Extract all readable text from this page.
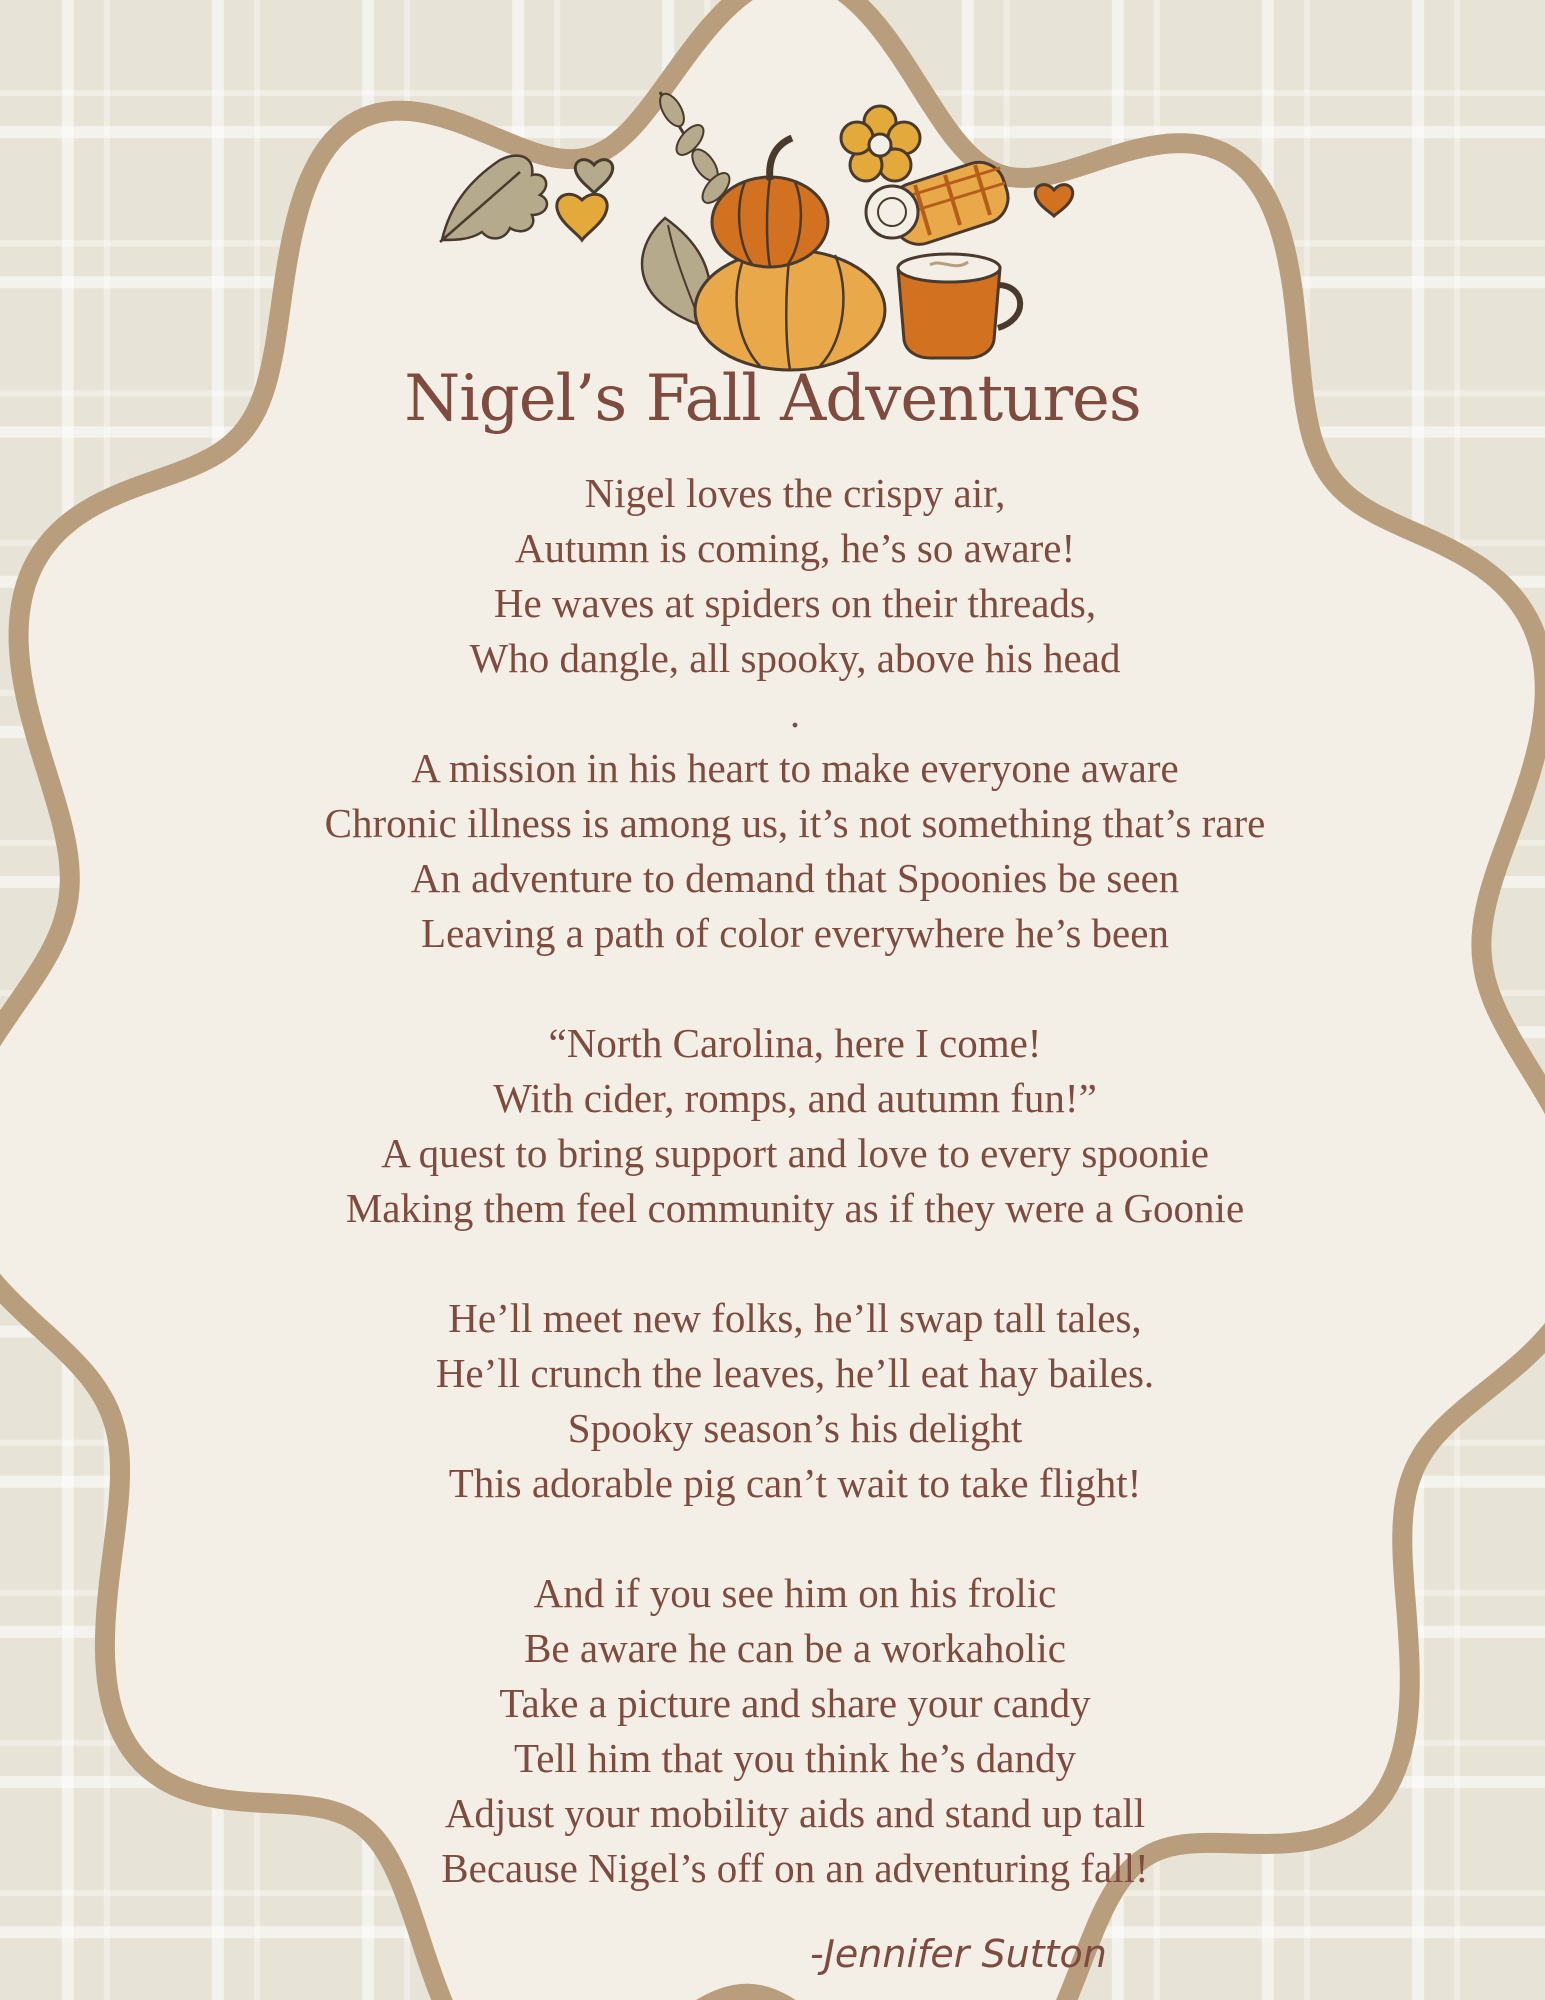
Nigel’s Fall Adventures
Nigel loves the crispy air,
Autumn is coming, he’s so aware!
He waves at spiders on their threads,
Who dangle, all spooky, above his head
.
A mission in his heart to make everyone aware
Chronic illness is among us, it’s not something that’s rare
An adventure to demand that Spoonies be seen
Leaving a path of color everywhere he’s been
“North Carolina, here I come!
With cider, romps, and autumn fun!”
A quest to bring support and love to every spoonie
Making them feel community as if they were a Goonie
He’ll meet new folks, he’ll swap tall tales,
He’ll crunch the leaves, he’ll eat hay bailes.
Spooky season’s his delight
This adorable pig can’t wait to take flight!
And if you see him on his frolic
Be aware he can be a workaholic
Take a picture and share your candy
Tell him that you think he’s dandy
Adjust your mobility aids and stand up tall
Because Nigel’s off on an adventuring fall!
-Jennifer Sutton
